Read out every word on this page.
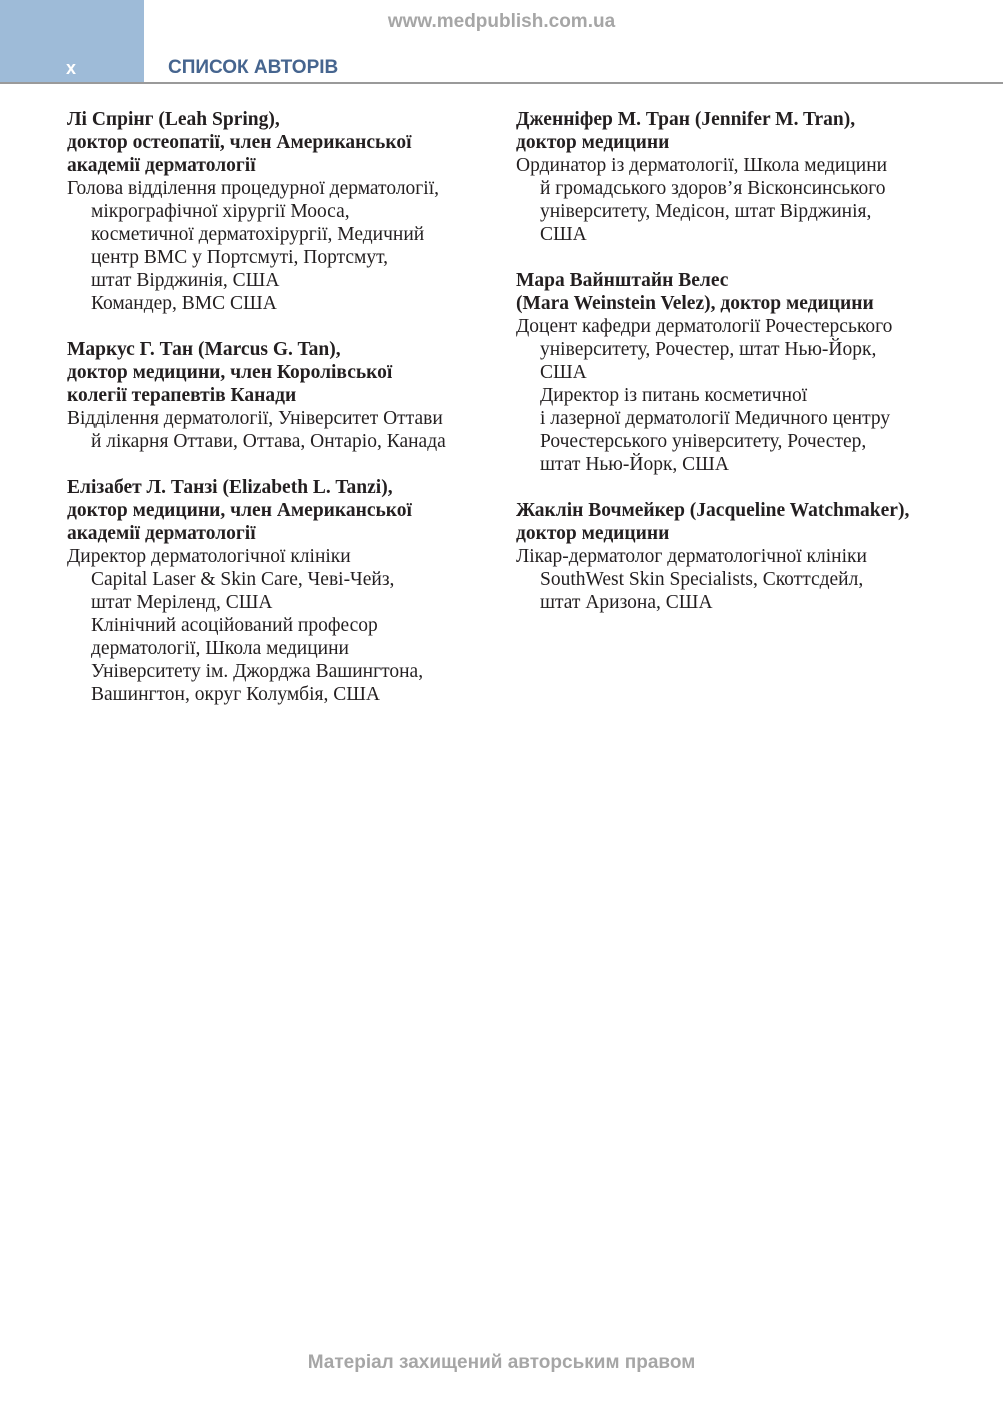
x
www.medpublish.com.ua
СПИСОК АВТОРІВ
Лі Спрінг (Leah Spring),
доктор остеопатії, член Американської
академії дерматології
Голова відділення процедурної дерматології,
мікрографічної хірургії Мооса,
косметичної дерматохірургії, Медичний
центр ВМС у Портсмуті, Портсмут,
штат Вірджинія, США
Командер, ВМС США
Маркус Г. Тан (Marcus G. Tan),
доктор медицини, член Королівської
колегії терапевтів Канади
Відділення дерматології, Університет Оттави
й лікарня Оттави, Оттава, Онтаріо, Канада
Елізабет Л. Танзі (Elizabeth L. Tanzi),
доктор медицини, член Американської
академії дерматології
Директор дерматологічної клініки
Capital Laser & Skin Care, Чеві-Чейз,
штат Меріленд, США
Клінічний асоційований професор
дерматології, Школа медицини
Університету ім. Джорджа Вашингтона,
Вашингтон, округ Колумбія, США
Дженніфер М. Тран (Jennifer M. Tran),
доктор медицини
Ординатор із дерматології, Школа медицини
й громадського здоров’я Вісконсинського
університету, Медісон, штат Вірджинія,
США
Мара Вайнштайн Велес
(Mara Weinstein Velez), доктор медицини
Доцент кафедри дерматології Рочестерського
університету, Рочестер, штат Нью-Йорк,
США
Директор із питань косметичної
і лазерної дерматології Медичного центру
Рочестерського університету, Рочестер,
штат Нью-Йорк, США
Жаклін Вочмейкер (Jacqueline Watchmaker),
доктор медицини
Лікар-дерматолог дерматологічної клініки
SouthWest Skin Specialists, Скоттсдейл,
штат Аризона, США
Матеріал захищений авторським правом
